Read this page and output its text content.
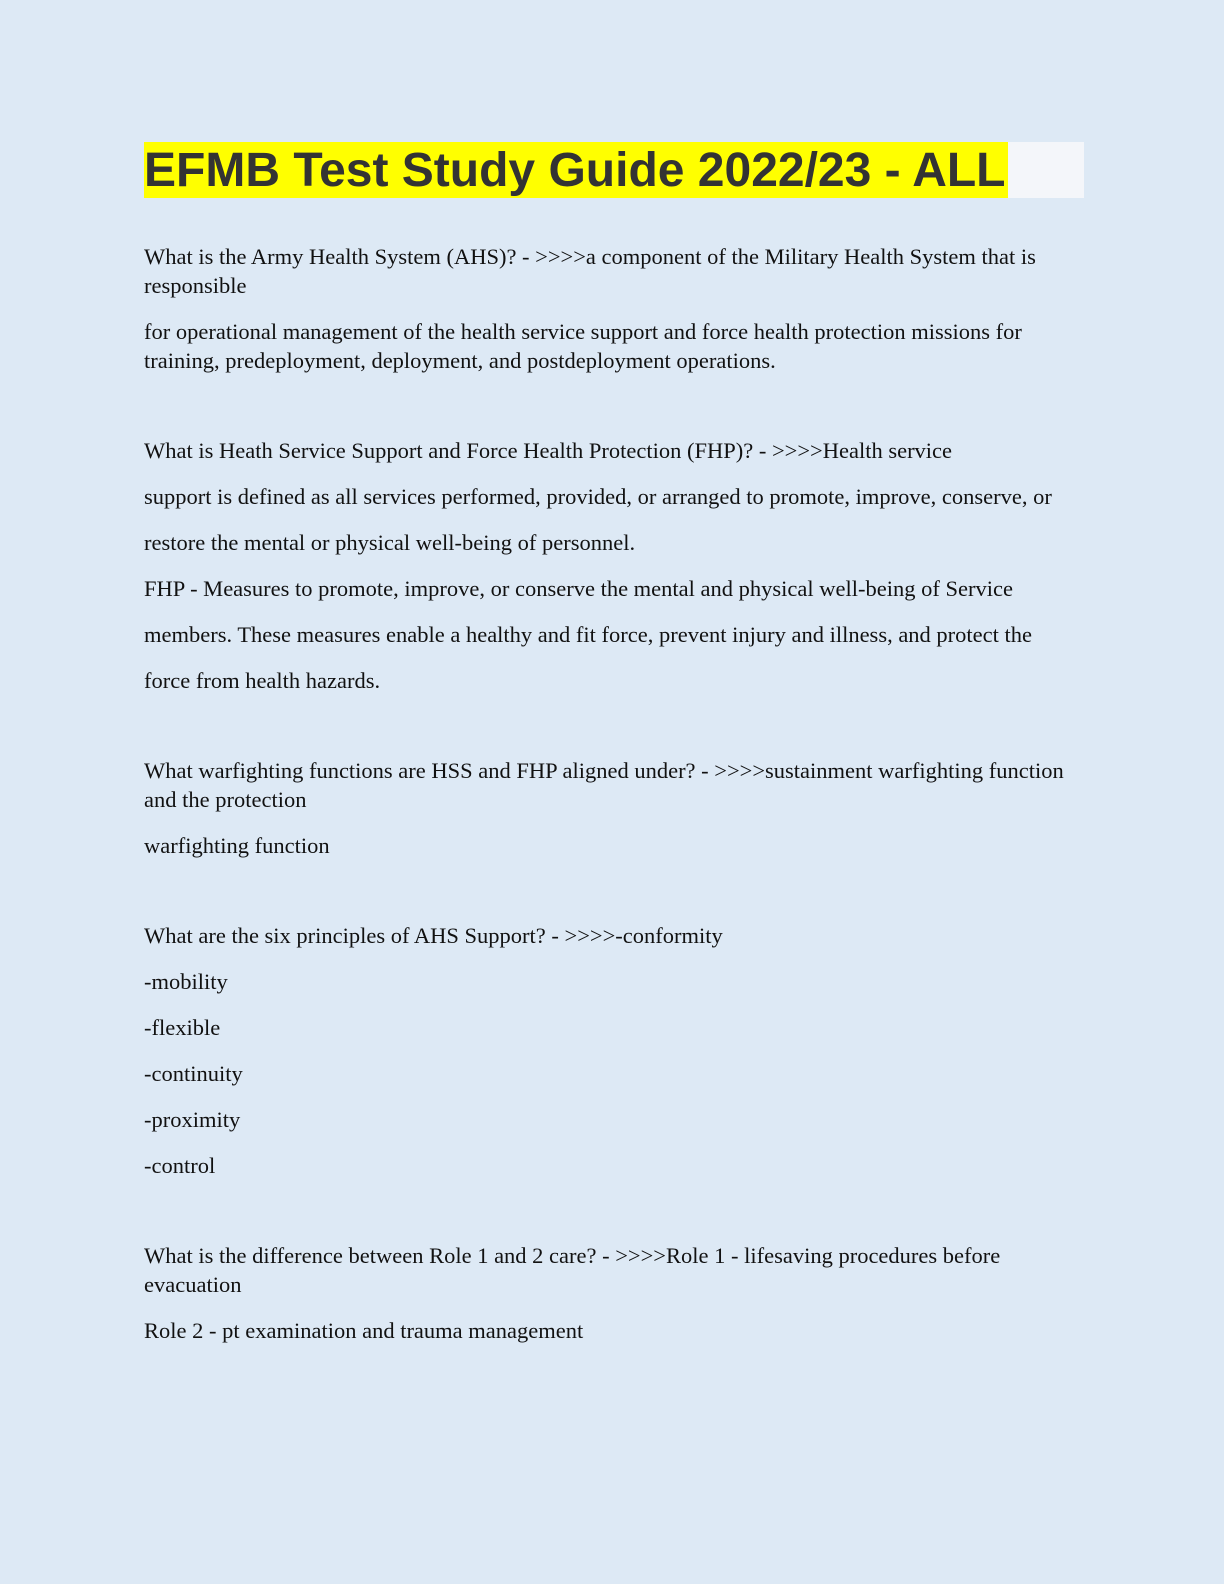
EFMB Test Study Guide 2022/23 - ALL

What is the Army Health System (AHS)? - >>>>a component of the Military Health System that is responsible

for operational management of the health service support and force health protection missions for training, predeployment, deployment, and postdeployment operations.

What is Heath Service Support and Force Health Protection (FHP)? - >>>>Health service

support is defined as all services performed, provided, or arranged to promote, improve, conserve, or

restore the mental or physical well-being of personnel.

FHP - Measures to promote, improve, or conserve the mental and physical well-being of Service

members. These measures enable a healthy and fit force, prevent injury and illness, and protect the

force from health hazards.

What warfighting functions are HSS and FHP aligned under? - >>>>sustainment warfighting function and the protection

warfighting function

What are the six principles of AHS Support? - >>>>-conformity

-mobility

-flexible

-continuity

-proximity

-control

What is the difference between Role 1 and 2 care? - >>>>Role 1 - lifesaving procedures before evacuation

Role 2 - pt examination and trauma management
